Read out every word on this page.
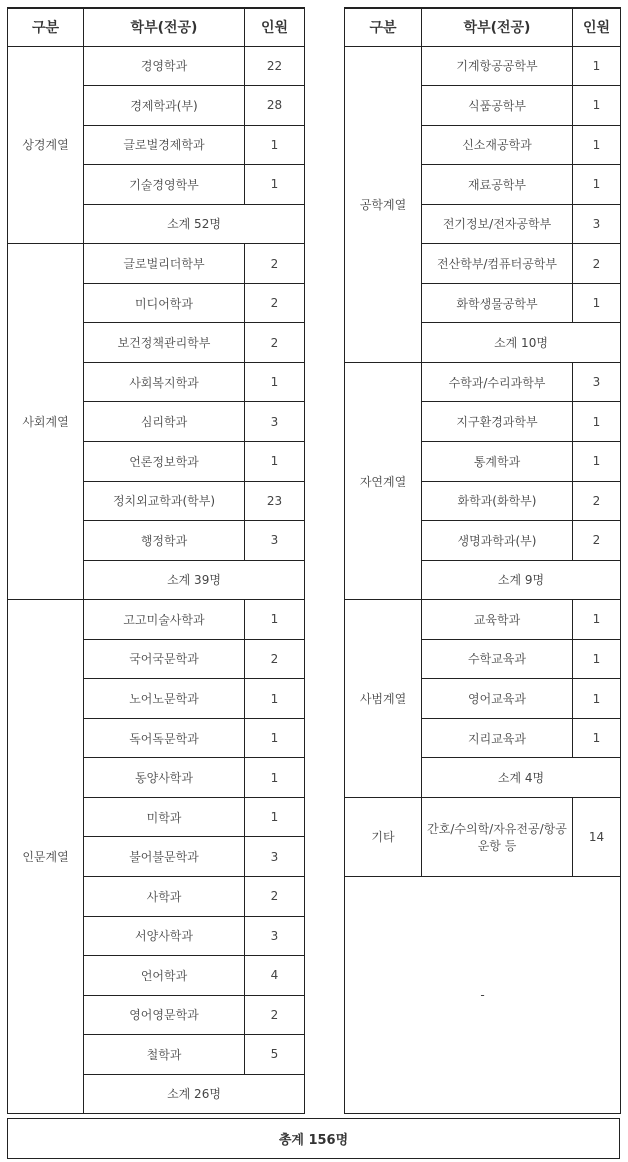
구분	학부(전공)	인원
상경계열	경영학과	22
	경제학과(부)	28
	글로벌경제학과	1
	기술경영학부	1
	소계 52명	
사회계열	글로벌리더학부	2
	미디어학과	2
	보건정책관리학부	2
	사회복지학과	1
	심리학과	3
	언론정보학과	1
	정치외교학과(학부)	23
	행정학과	3
	소계 39명	
인문계열	고고미술사학과	1
	국어국문학과	2
	노어노문학과	1
	독어독문학과	1
	동양사학과	1
	미학과	1
	불어불문학과	3
	사학과	2
	서양사학과	3
	언어학과	4
	영어영문학과	2
	철학과	5
	소계 26명	
구분	학부(전공)	인원
공학계열	기계항공공학부	1
	식품공학부	1
	신소재공학과	1
	재료공학부	1
	전기정보/전자공학부	3
	전산학부/컴퓨터공학부	2
	화학생물공학부	1
	소계 10명	
자연계열	수학과/수리과학부	3
	지구환경과학부	1
	통계학과	1
	화학과(화학부)	2
	생명과학과(부)	2
	소계 9명	
사범계열	교육학과	1
	수학교육과	1
	영어교육과	1
	지리교육과	1
	소계 4명	
기타	간호/수의학/자유전공/항공운항 등	14
-		
총계 156명
